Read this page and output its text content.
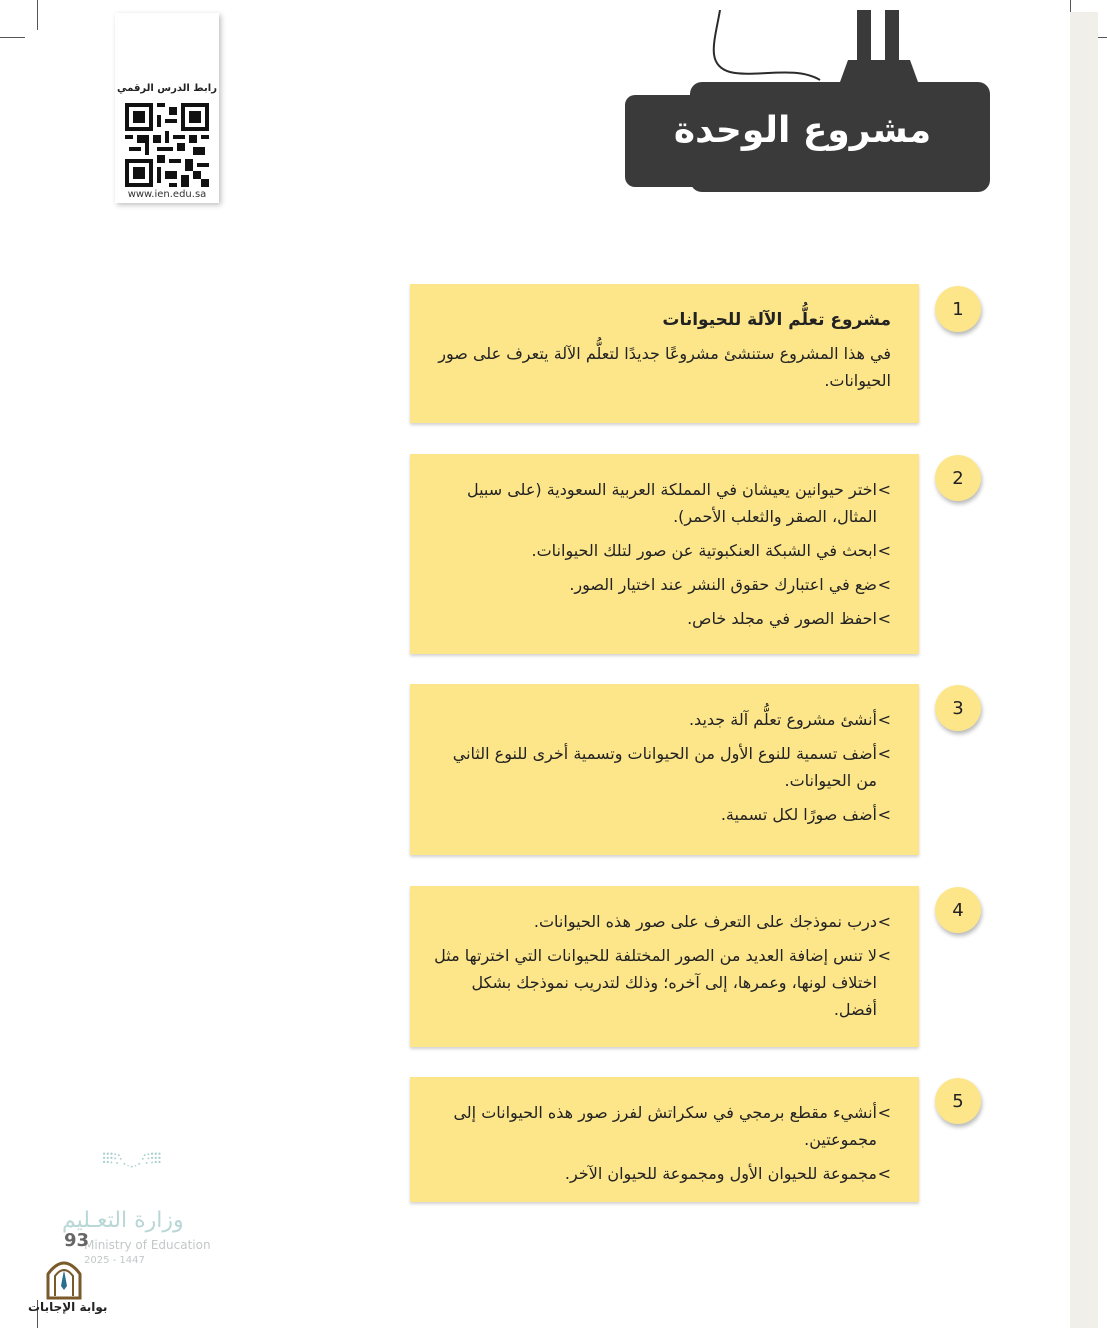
رابط الدرس الرقمي
www.ien.edu.sa
مشروع الوحدة
1
مشروع تعلُّم الآلة للحيوانات
في هذا المشروع ستنشئ مشروعًا جديدًا لتعلُّم الآلة يتعرف على صور الحيوانات.
2
>
اختر حيوانين يعيشان في المملكة العربية السعودية (على سبيل المثال، الصقر والثعلب الأحمر).
>
ابحث في الشبكة العنكبوتية عن صور لتلك الحيوانات.
>
ضع في اعتبارك حقوق النشر عند اختيار الصور.
>
احفظ الصور في مجلد خاص.
3
>
أنشئ مشروع تعلُّم آلة جديد.
>
أضف تسمية للنوع الأول من الحيوانات وتسمية أخرى للنوع الثاني من الحيوانات.
>
أضف صورًا لكل تسمية.
4
>
درب نموذجك على التعرف على صور هذه الحيوانات.
>
لا تنس إضافة العديد من الصور المختلفة للحيوانات التي اخترتها مثل اختلاف لونها، وعمرها، إلى آخره؛ وذلك لتدريب نموذجك بشكل أفضل.
5
>
أنشيء مقطع برمجي في سكراتش لفرز صور هذه الحيوانات إلى مجموعتين.
>
مجموعة للحيوان الأول ومجموعة للحيوان الآخر.
وزارة التعـليم
Ministry of Education
2025 - 1447
93
بوابة الإجابات
